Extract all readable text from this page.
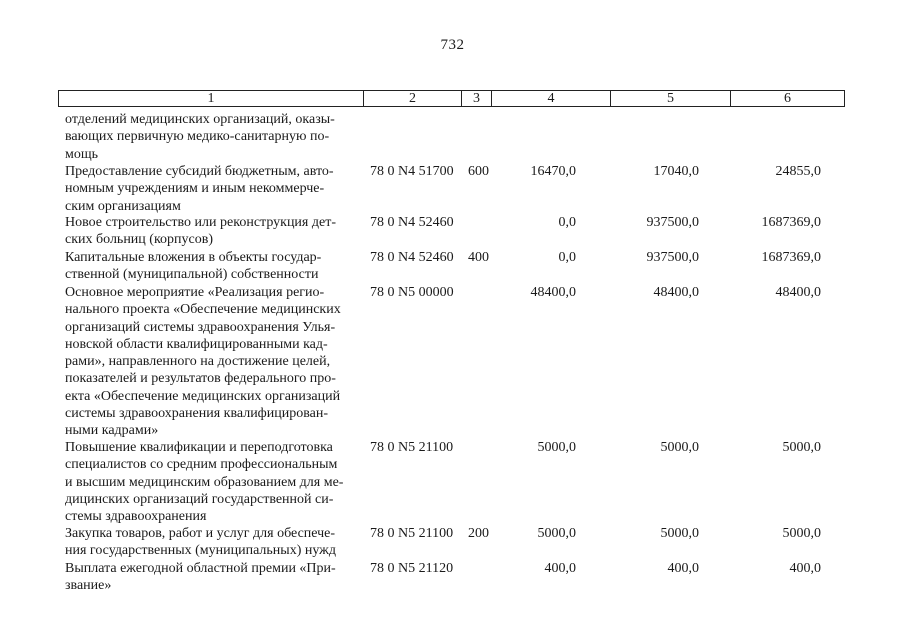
732
1	2	3	4	5	6
отделений медицинских организаций, оказы-
вающих первичную медико-санитарную по-
мощь
Предоставление субсидий бюджетным, авто-
номным учреждениям и иным некоммерче-
ским организациям
78 0 N4 51700 600	16470,0	17040,0	24855,0
Новое строительство или реконструкция дет-
ских больниц (корпусов)
78 0 N4 52460	0,0	937500,0	1687369,0
Капитальные вложения в объекты государ-
ственной (муниципальной) собственности
78 0 N4 52460 400	0,0	937500,0	1687369,0
Основное мероприятие «Реализация регио-
нального проекта «Обеспечение медицинских
организаций системы здравоохранения Улья-
новской области квалифицированными кад-
рами», направленного на достижение целей,
показателей и результатов федерального про-
екта «Обеспечение медицинских организаций
системы здравоохранения квалифицирован-
ными кадрами»
78 0 N5 00000	48400,0	48400,0	48400,0
Повышение квалификации и переподготовка
специалистов со средним профессиональным
и высшим медицинским образованием для ме-
дицинских организаций государственной си-
стемы здравоохранения
78 0 N5 21100	5000,0	5000,0	5000,0
Закупка товаров, работ и услуг для обеспече-
ния государственных (муниципальных) нужд
78 0 N5 21100 200	5000,0	5000,0	5000,0
Выплата ежегодной областной премии «При-
звание»
78 0 N5 21120	400,0	400,0	400,0
